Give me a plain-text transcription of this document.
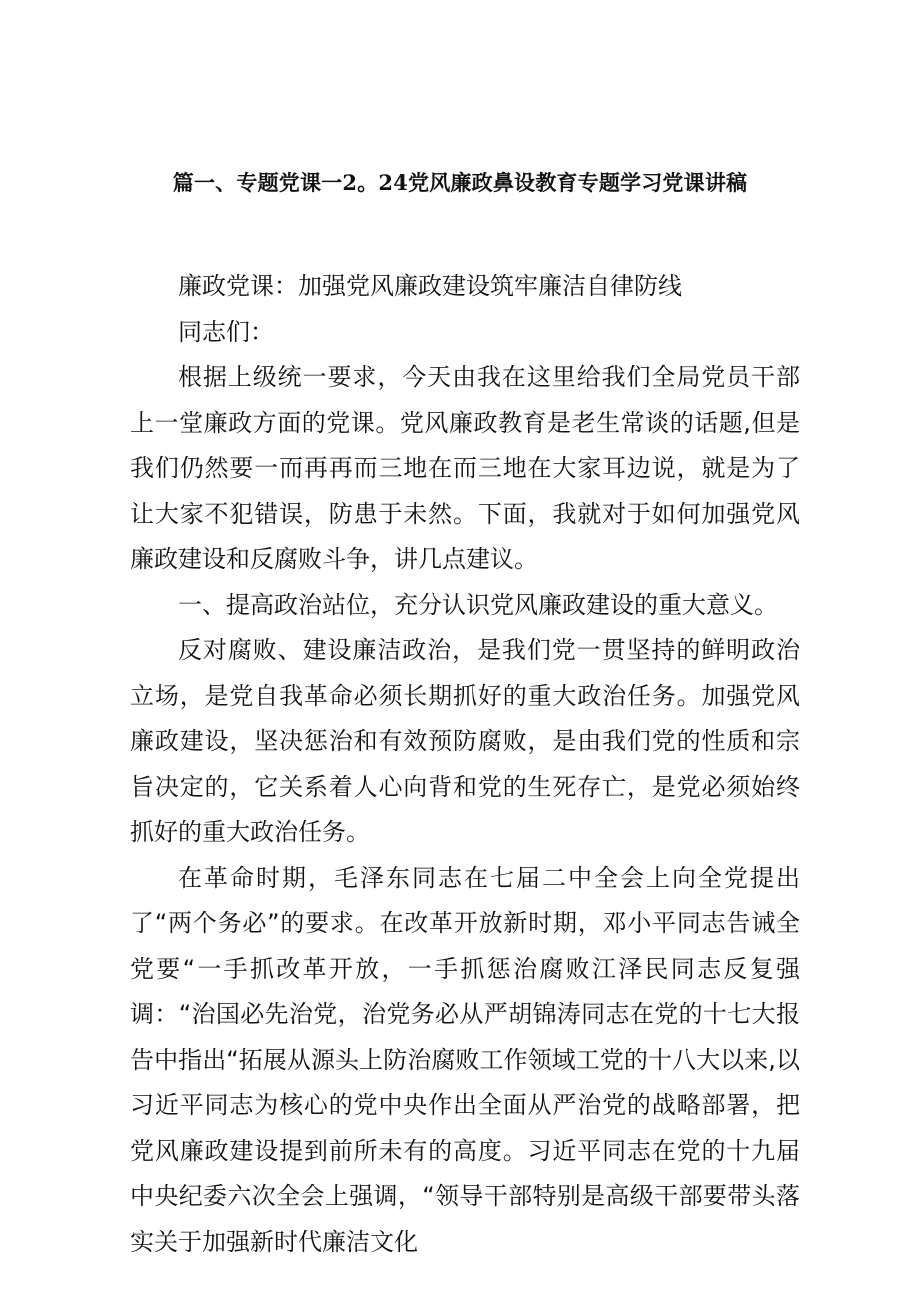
篇一、专题党课一2。24党风廉政鼻设教育专题学习党课讲稿

廉政党课：加强党风廉政建设筑牢廉洁自律防线

同志们：

根据上级统一要求，今天由我在这里给我们全局党员干部上一堂廉政方面的党课。党风廉政教育是老生常谈的话题,但是我们仍然要一而再再而三地在而三地在大家耳边说，就是为了让大家不犯错误，防患于未然。下面，我就对于如何加强党风廉政建设和反腐败斗争，讲几点建议。

一、提高政治站位，充分认识党风廉政建设的重大意义。

反对腐败、建设廉洁政治，是我们党一贯坚持的鲜明政治立场，是党自我革命必须长期抓好的重大政治任务。加强党风廉政建设，坚决惩治和有效预防腐败，是由我们党的性质和宗旨决定的，它关系着人心向背和党的生死存亡，是党必须始终抓好的重大政治任务。

在革命时期，毛泽东同志在七届二中全会上向全党提出了“两个务必”的要求。在改革开放新时期，邓小平同志告诫全党要“一手抓改革开放，一手抓惩治腐败江泽民同志反复强调：“治国必先治党，治党务必从严胡锦涛同志在党的十七大报告中指出“拓展从源头上防治腐败工作领域工党的十八大以来,以习近平同志为核心的党中央作出全面从严治党的战略部署，把党风廉政建设提到前所未有的高度。习近平同志在党的十九届中央纪委六次全会上强调，“领导干部特别是高级干部要带头落实关于加强新时代廉洁文化
